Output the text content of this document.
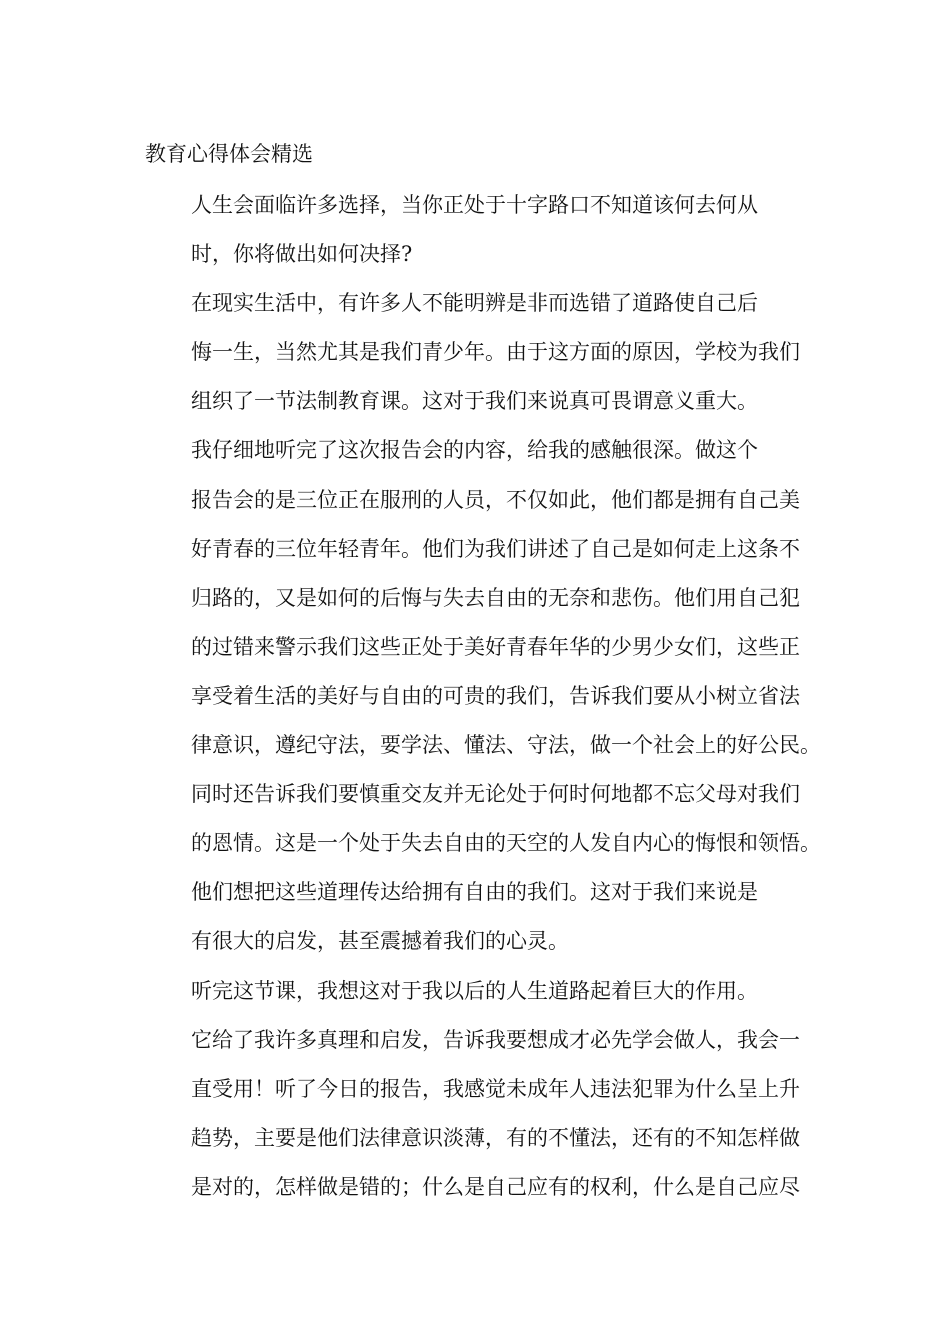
教育心得体会精选

人生会面临许多选择，当你正处于十字路口不知道该何去何从
时，你将做出如何决择?

在现实生活中，有许多人不能明辨是非而选错了道路使自己后
悔一生，当然尤其是我们青少年。由于这方面的原因，学校为我们
组织了一节法制教育课。这对于我们来说真可畏谓意义重大。

我仔细地听完了这次报告会的内容，给我的感触很深。做这个
报告会的是三位正在服刑的人员，不仅如此，他们都是拥有自己美
好青春的三位年轻青年。他们为我们讲述了自己是如何走上这条不
归路的，又是如何的后悔与失去自由的无奈和悲伤。他们用自己犯
的过错来警示我们这些正处于美好青春年华的少男少女们，这些正
享受着生活的美好与自由的可贵的我们，告诉我们要从小树立省法
律意识，遵纪守法，要学法、懂法、守法，做一个社会上的好公民。
同时还告诉我们要慎重交友并无论处于何时何地都不忘父母对我们
的恩情。这是一个处于失去自由的天空的人发自内心的悔恨和领悟。

他们想把这些道理传达给拥有自由的我们。这对于我们来说是
有很大的启发，甚至震撼着我们的心灵。

听完这节课，我想这对于我以后的人生道路起着巨大的作用。
它给了我许多真理和启发，告诉我要想成才必先学会做人，我会一
直受用！听了今日的报告，我感觉未成年人违法犯罪为什么呈上升
趋势，主要是他们法律意识淡薄，有的不懂法，还有的不知怎样做
是对的，怎样做是错的；什么是自己应有的权利，什么是自己应尽
